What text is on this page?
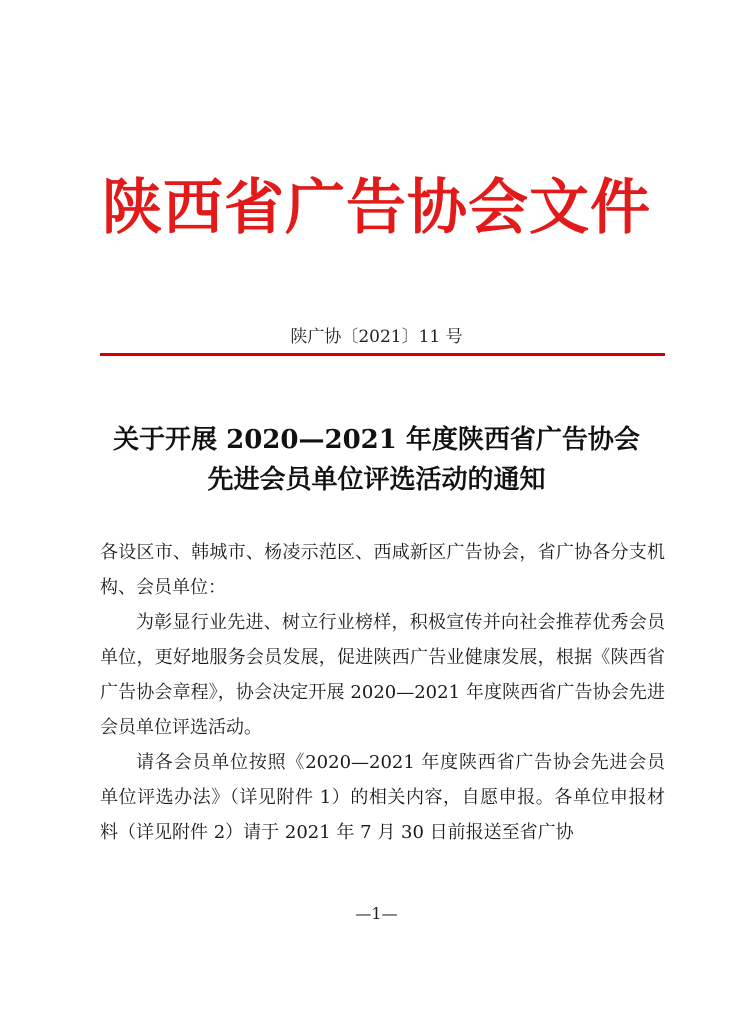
陕西省广告协会文件
陕广协〔2021〕11 号
关于开展 2020—2021 年度陕西省广告协会
先进会员单位评选活动的通知

各设区市、韩城市、杨凌示范区、西咸新区广告协会，省广协各分支机构、会员单位：

为彰显行业先进、树立行业榜样，积极宣传并向社会推荐优秀会员单位，更好地服务会员发展，促进陕西广告业健康发展，根据《陕西省广告协会章程》，协会决定开展 2020—2021 年度陕西省广告协会先进会员单位评选活动。

请各会员单位按照《2020—2021 年度陕西省广告协会先进会员单位评选办法》（详见附件 1）的相关内容，自愿申报。各单位申报材料（详见附件 2）请于 2021 年 7 月 30 日前报送至省广协

—1—
